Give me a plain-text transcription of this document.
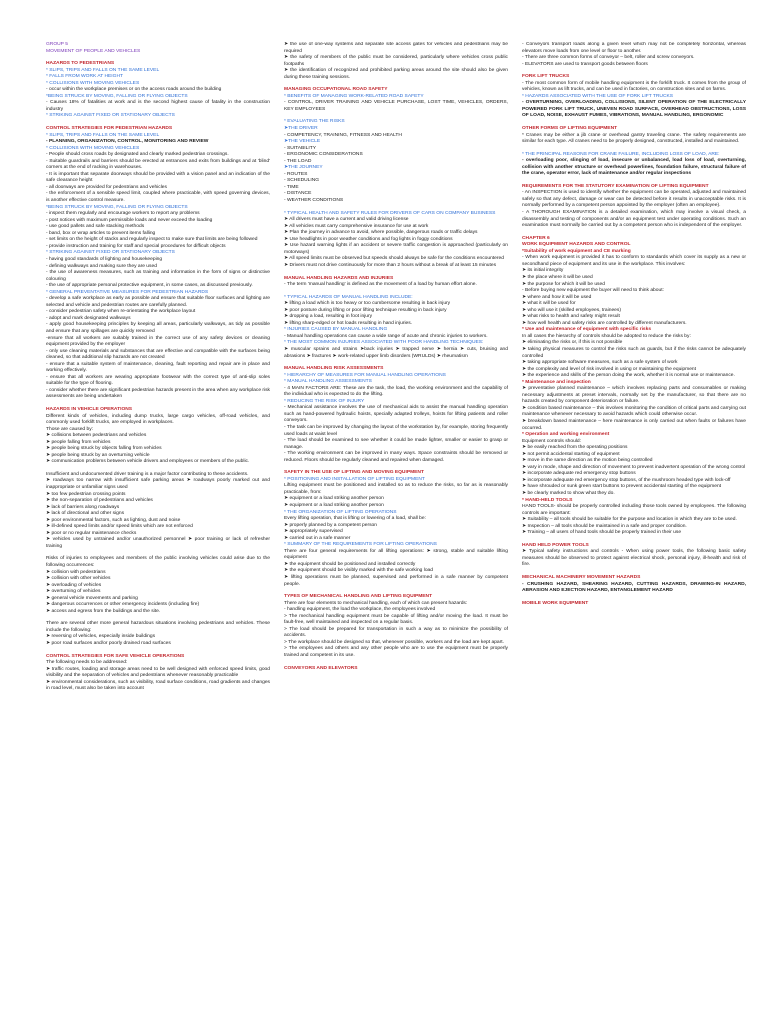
GROUP 5

MOVEMENT OF PEOPLE AND VEHICLES

HAZARDS TO PEDESTRIANS

* SLIPS, TRIPS AND FALLS ON THE SAME LEVEL

* FALLS FROM WORK AT HEIGHT

* COLLISIONS WITH MOVING VEHICLES

- occur within the workplace premises or on the access roads around the building

*BEING STRUCK BY MOVING, FALLING OR FLYING OBJECTS

- Causes 18% of fatalities at work and is the second highest cause of fatality in the construction industry

* STRIKING AGAINST FIXED OR STATIONARY OBJECTS

CONTROL STRATEGIES FOR PEDESTRIAN HAZARDS

* SLIPS, TRIPS AND FALLS ON THE SAME LEVEL

- PLANNING, ORGANIZATION, CONTROL, MONITORING AND REVIEW

* COLLISIONS WITH MOVING VEHICLES

- People should cross roads by designated and clearly marked pedestrian crossings.

- Suitable guardrails and barriers should be erected at entrances and exits from buildings and at 'blind' corners at the end of racking in warehouses.

- It is important that separate doorways should be provided with a vision panel and an indication of the safe clearance height

- all doorways are provided for pedestrians and vehicles

- the enforcement of a sensible speed limit, coupled where practicable, with speed governing devices, is another effective control measure.

*BEING STRUCK BY MOVING, FALLING OR FLYING OBJECTS

- inspect them regularly and encourage workers to report any problems

- post notices with maximum permissible loads and never exceed the loading

- use good pallets and safe stacking methods

- band, box or wrap articles to prevent items falling

- set limits on the height of stacks and regularly inspect to make sure that limits are being followed

- provide instruction and training for staff and special procedures for difficult objects

* STRIKING AGAINST FIXED OR STATIONARY OBJECTS

- having good standards of lighting and housekeeping

- defining walkways and making sure they are used

- the use of awareness measures, such as training and information in the form of signs or distinctive colouring

- the use of appropriate personal protective equipment, in some cases, as discussed previously.

* GENERAL PREVENTATIVE MEASURES FOR PEDESTRIAN HAZARDS

- develop a safe workplace as early as possible and ensure that suitable floor surfaces and lighting are selected and vehicle and pedestrian routes are carefully planned.

- consider pedestrian safety when re-orientating the workplace layout

- adopt and mark designated walkways

- apply good housekeeping principles by keeping all areas, particularly walkways, as tidy as possible and ensure that any spillages are quickly removed

-ensure that all workers are suitably trained in the correct use of any safety devices or cleaning equipment provided by the employer

- only use cleaning materials and substances that are effective and compatible with the surfaces being cleaned, so that additional slip hazards are not created

- ensure that a suitable system of maintenance, cleaning, fault reporting and repair are in place and working effectively.

- ensure that all workers are wearing appropriate footwear with the correct type of anti-slip soles suitable for the type of flooring.

- consider whether there are significant pedestrian hazards present in the area when any workplace risk assessments are being undertaken

HAZARDS IN VEHICLE OPERATIONS

Different kinds of vehicles, including dump trucks, large cargo vehicles, off-road vehicles, and commonly used forklift trucks, are employed in workplaces.

Those are caused by:

➤ collisions between pedestrians and vehicles

➤ people falling from vehicles

➤ people being struck by objects falling from vehicles

➤ people being struck by an overturning vehicle

➤ communication problems between vehicle drivers and employees or members of the public.

Insufficient and undocumented driver training is a major factor contributing to these accidents.

➤ roadways too narrow with insufficient safe parking areas ➤ roadways poorly marked out and inappropriate or unfamiliar signs used

➤ too few pedestrian crossing points

➤ the non-separation of pedestrians and vehicles

➤ lack of barriers along roadways

➤ lack of directional and other signs

➤ poor environmental factors, such as lighting, dust and noise

➤ ill-defined speed limits and/or speed limits which are not enforced

➤ poor or no regular maintenance checks

➤ vehicles used by untrained and/or unauthorized personnel ➤ poor training or lack of refresher training

Risks of injuries to employees and members of the public involving vehicles could arise due to the following occurrences:

➤ collision with pedestrians

➤ collision with other vehicles

➤ overloading of vehicles

➤ overturning of vehicles

➤ general vehicle movements and parking

➤ dangerous occurrences or other emergency incidents (including fire)

➤ access and egress from the buildings and the site.

There are several other more general hazardous situations involving pedestrians and vehicles. These include the following:

➤ reversing of vehicles, especially inside buildings

➤ poor road surfaces and/or poorly drained road surfaces

CONTROL STRATEGIES FOR SAFE VEHICLE OPERATIONS

The following needs to be addressed:

➤ traffic routes, loading and storage areas need to be well designed with enforced speed limits, good visibility and the separation of vehicles and pedestrians whenever reasonably practicable

➤ environmental considerations, such as visibility, road surface conditions, road gradients and changes in road level, must also be taken into account

➤ the use of one-way systems and separate site access gates for vehicles and pedestrians may be required

➤ the safety of members of the public must be considered, particularly where vehicles cross public footpaths

➤ the identification of recognized and prohibited parking areas around the site should also be given during these training sessions.

MANAGING OCCUPATIONAL ROAD SAFETY

* BENEFITS OF MANAGING WORK-RELATED ROAD SAFETY

- CONTROL, DRIVER TRAINING AND VEHICLE PURCHASE, LOST TIME, VEHICLES, ORDERS, KEY EMPLOYEES

* EVALUATING THE RISKS

➤THE DRIVER

- COMPETENCY, TRAINING, FITNESS AND HEALTH

➤THE VEHICLE

- SUITABILITY

- ERGONOMIC CONSIDERATIONS

- THE LOAD

➤THE JOURNEY

- ROUTES

- SCHEDULING

- TIME

- DISTANCE

- WEATHER CONDITIONS

* TYPICAL HEALTH AND SAFETY RULES FOR DRIVERS OF CARS ON COMPANY BUSINESS

➤ All drivers must have a current and valid driving license

➤ All vehicles must carry comprehensive insurance for use at work

➤ Plan the journey in advance to avoid, where possible, dangerous roads or traffic delays

➤ Use headlights in poor weather conditions and fog lights in foggy conditions

➤ Use hazard warning lights if an accident or severe traffic congestion is approached (particularly on motorways)

➤ All speed limits must be observed but speeds should always be safe for the conditions encountered

➤ Drivers must not drive continuously for more than 2 hours without a break of at least 15 minutes

MANUAL HANDLING HAZARDS AND INJURIES

- The term 'manual handling' is defined as the movement of a load by human effort alone.

* TYPICAL HAZARDS OF MANUAL HANDLING INCLUDE:

➤ lifting a load which is too heavy or too cumbersome resulting in back injury

➤ poor posture during lifting or poor lifting technique resulting in back injury

➤ dropping a load, resulting in foot injury

➤ lifting sharp-edged or hot loads resulting in hand injuries.

* INJURIES CAUSED BY MANUAL HANDLING

- Manual handling operations can cause a wide range of acute and chronic injuries to workers.

* THE MOST COMMON INJURIES ASSOCIATED WITH POOR HANDLING TECHNIQUES:

➤ muscular sprains and strains ➤back injuries ➤ trapped nerve ➤ hernia ➤ cuts, bruising and abrasions ➤ fractures ➤ work-related upper limb disorders (WRULDs) ➤ rheumatism

MANUAL HANDLING RISK ASSESSMENTS

* HIERARCHY OF MEASURES FOR MANUAL HANDLING OPERATIONS

* MANUAL HANDLING ASSESSMENTS

- 4 MAIN FACTORS ARE: These are the task, the load, the working environment and the capability of the individual who is expected to do the lifting.

* REDUCING THE RISK OF INJURY

- Mechanical assistance involves the use of mechanical aids to assist the manual handling operation such as hand-powered hydraulic hoists, specially adapted trolleys, hoists for lifting patients and roller conveyors.

- The task can be improved by changing the layout of the workstation by, for example, storing frequently used loads at waist level

- The load should be examined to see whether it could be made lighter, smaller or easier to grasp or manage.

- The working environment can be improved in many ways. Space constraints should be removed or reduced. Floors should be regularly cleaned and repaired when damaged.

SAFETY IN THE USE OF LIFTING AND MOVING EQUIPMENT

* POSITIONING AND INSTALLATION OF LIFTING EQUIPMENT

Lifting equipment must be positioned and installed so as to reduce the risks, so far as is reasonably practicable, from:

➤ equipment or a load striking another person

➤ equipment or a load striking another person

* THE ORGANIZATION OF LIFTING OPERATIONS

Every lifting operation, that is lifting or lowering of a load, shall be:

➤ properly planned by a competent person

➤ appropriately supervised

➤ carried out in a safe manner

* SUMMARY OF THE REQUIREMENTS FOR LIFTING OPERATIONS

There are four general requirements for all lifting operations: ➤ strong, stable and suitable lifting equipment

➤ the equipment should be positioned and installed correctly

➤ the equipment should be visibly marked with the safe working load

➤ lifting operations must be planned, supervised and performed in a safe manner by competent people.

TYPES OF MECHANICAL HANDLING AND LIFTING EQUIPMENT

There are four elements to mechanical handling, each of which can present hazards:

- handling equipment, the load the workplace, the employees involved

> The mechanical handling equipment must be capable of lifting and/or moving the load. It must be fault-free, well maintained and inspected on a regular basis.

> The load should be prepared for transportation in such a way as to minimize the possibility of accidents.

> The workplace should be designed so that, whenever possible, workers and the load are kept apart.

> The employees and others and any other people who are to use the equipment must be properly trained and competent in its use.

CONVEYORS AND ELEVATORS

- Conveyors transport loads along a given level which may not be completely horizontal, whereas elevators move loads from one level or floor to another.

- There are three common forms of conveyor – belt, roller and screw conveyors.

- ELEVATORS are used to transport goods between floors

FORK LIFT TRUCKS

- The most common form of mobile handling equipment is the forklift truck. It comes from the group of vehicles, known as lift trucks, and can be used in factories, on construction sites and on farms.

* HAZARDS ASSOCIATED WITH THE USE OF FORK LIFT TRUCKS

- OVERTURNING, OVERLOADING, COLLISIONS, SILENT OPERATION OF THE ELECTRICALLY POWERED FORK LIFT TRUCK, UNEVEN ROAD SURFACE, OVERHEAD OBSTRUCTIONS, LOSS OF LOAD, NOISE, EXHAUST FUMES, VIBRATIONS, MANUAL HANDLING, ERGONOMIC

OTHER FORMS OF LIFTING EQUIPMENT

* Cranes may be either a jib crane or overhead gantry traveling crane. The safety requirements are similar for each type. All cranes need to be properly designed, constructed, installed and maintained.

* THE PRINCIPAL REASONS FOR CRANE FAILURE, INCLUDING LOSS OF LOAD, ARE:

- overloading poor, slinging of load, insecure or unbalanced, load loss of load, overturning, collision with another structure or overhead powerlines, foundation failure, structural failure of the crane, operator error, lack of maintenance and/or regular inspections

REQUIREMENTS FOR THE STATUTORY EXAMINATION OF LIFTING EQUIPMENT

- An INSPECTION is used to identify whether the equipment can be operated, adjusted and maintained safely so that any defect, damage or wear can be detected before it results in unacceptable risks. It is normally performed by a competent person appointed by the employer (often an employee).

- A THOROUGH EXAMINATION is a detailed examination, which may involve a visual check, a disassembly and testing of components and/or an equipment test under operating conditions. Such an examination must normally be carried out by a competent person who is independent of the employer.

CHAPTER 6

WORK EQUIPMENT HAZARDS AND CONTROL

*Suitability of work equipment and CE marking

- When work equipment is provided it has to conform to standards which cover its supply as a new or secondhand piece of equipment and its use in the workplace. This involves:

➤ its initial integrity

➤ the place where it will be used

➤ the purpose for which it will be used

- Before buying new equipment the buyer will need to think about:

➤ where and how it will be used

➤ what it will be used for

➤ who will use it (skilled employees, trainees)

➤ what risks to health and safety might result

➤ how well health and safety risks are controlled by different manufacturers.

* Use and maintenance of equipment with specific risks

In all cases the hierarchy of controls should be adopted to reduce the risks by:

➤ eliminating the risks or, if this is not possible

➤ taking physical measures to control the risks such as guards, but if the risks cannot be adequately controlled

➤ taking appropriate software measures, such as a safe system of work

➤ the complexity and level of risk involved in using or maintaining the equipment

➤ the experience and skills of the person doing the work, whether it is normal use or maintenance.

* Maintenance and inspection

➤ preventative planned maintenance – which involves replacing parts and consumables or making necessary adjustments at preset intervals, normally set by the manufacturer, so that there are no hazards created by component deterioration or failure.

➤ condition based maintenance – this involves monitoring the condition of critical parts and carrying out maintenance whenever necessary to avoid hazards which could otherwise occur.

➤ breakdown based maintenance – here maintenance is only carried out when faults or failures have occurred.

* Operation and working environment

Equipment controls should:

➤ be easily reached from the operating positions

➤ not permit accidental starting of equipment

➤ move in the same direction as the motion being controlled

➤ vary in mode, shape and direction of movement to prevent inadvertent operation of the wrong control

➤ incorporate adequate red emergency stop buttons

➤ incorporate adequate red emergency stop buttons, of the mushroom headed type with lock-off

➤ have shrouded or sunk green start buttons to prevent accidental starting of the equipment

➤ be clearly marked to show what they do.

* HAND-HELD TOOLS

HAND TOOLS- should be properly controlled including those tools owned by employees. The following controls are important:

➤ Suitability – all tools should be suitable for the purpose and location in which they are to be used.

➤ Inspection – all tools should be maintained in a safe and proper condition.

➤ Training – all users of hand tools should be properly trained in their use

HAND HELD POWER TOOLS

➤ Typical safety instructions and controls - When using power tools, the following basic safety measures should be observed to protect against electrical shock, personal injury, ill-health and risk of fire.

MECHANICAL MACHINERY MOVEMENT HAZARDS

- CRUSHING HAZARD, SHEARING HAZARD, CUTTING HAZARDS, DRAWING-IN HAZARD, ABRASION AND EJECTION HAZARD, ENTANGLEMENT HAZARD

MOBILE WORK EQUIPMENT
